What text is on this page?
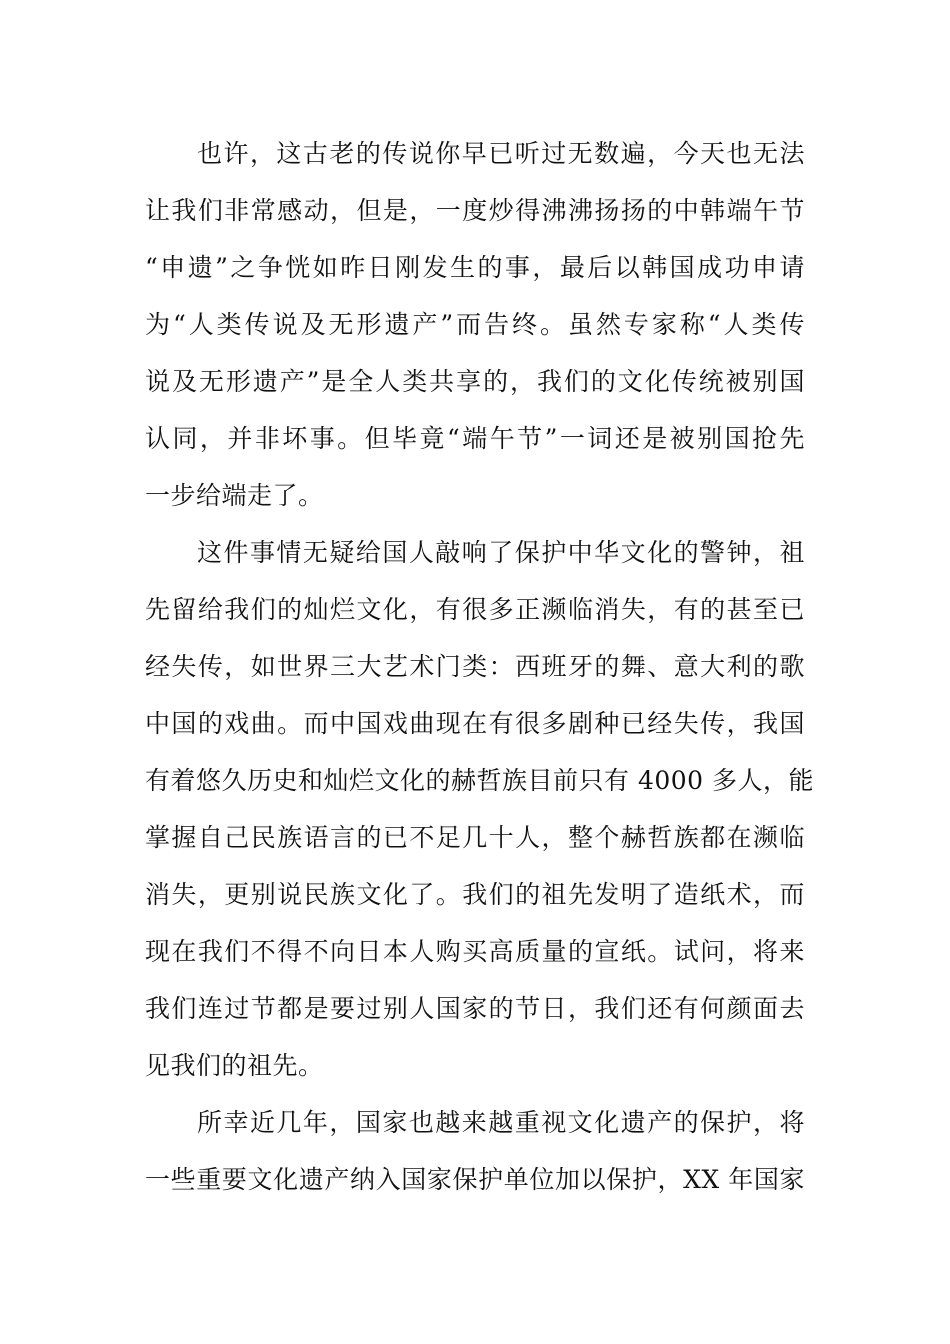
也许，这古老的传说你早已听过无数遍，今天也无法
让我们非常感动，但是，一度炒得沸沸扬扬的中韩端午节
“申遗”之争恍如昨日刚发生的事，最后以韩国成功申请
为“人类传说及无形遗产”而告终。虽然专家称“人类传
说及无形遗产”是全人类共享的，我们的文化传统被别国
认同，并非坏事。但毕竟“端午节”一词还是被别国抢先
一步给端走了。
这件事情无疑给国人敲响了保护中华文化的警钟，祖
先留给我们的灿烂文化，有很多正濒临消失，有的甚至已
经失传，如世界三大艺术门类：西班牙的舞、意大利的歌
中国的戏曲。而中国戏曲现在有很多剧种已经失传，我国
有着悠久历史和灿烂文化的赫哲族目前只有 4000 多人，能
掌握自己民族语言的已不足几十人，整个赫哲族都在濒临
消失，更别说民族文化了。我们的祖先发明了造纸术，而
现在我们不得不向日本人购买高质量的宣纸。试问，将来
我们连过节都是要过别人国家的节日，我们还有何颜面去
见我们的祖先。
所幸近几年，国家也越来越重视文化遗产的保护，将
一些重要文化遗产纳入国家保护单位加以保护，XX 年国家
